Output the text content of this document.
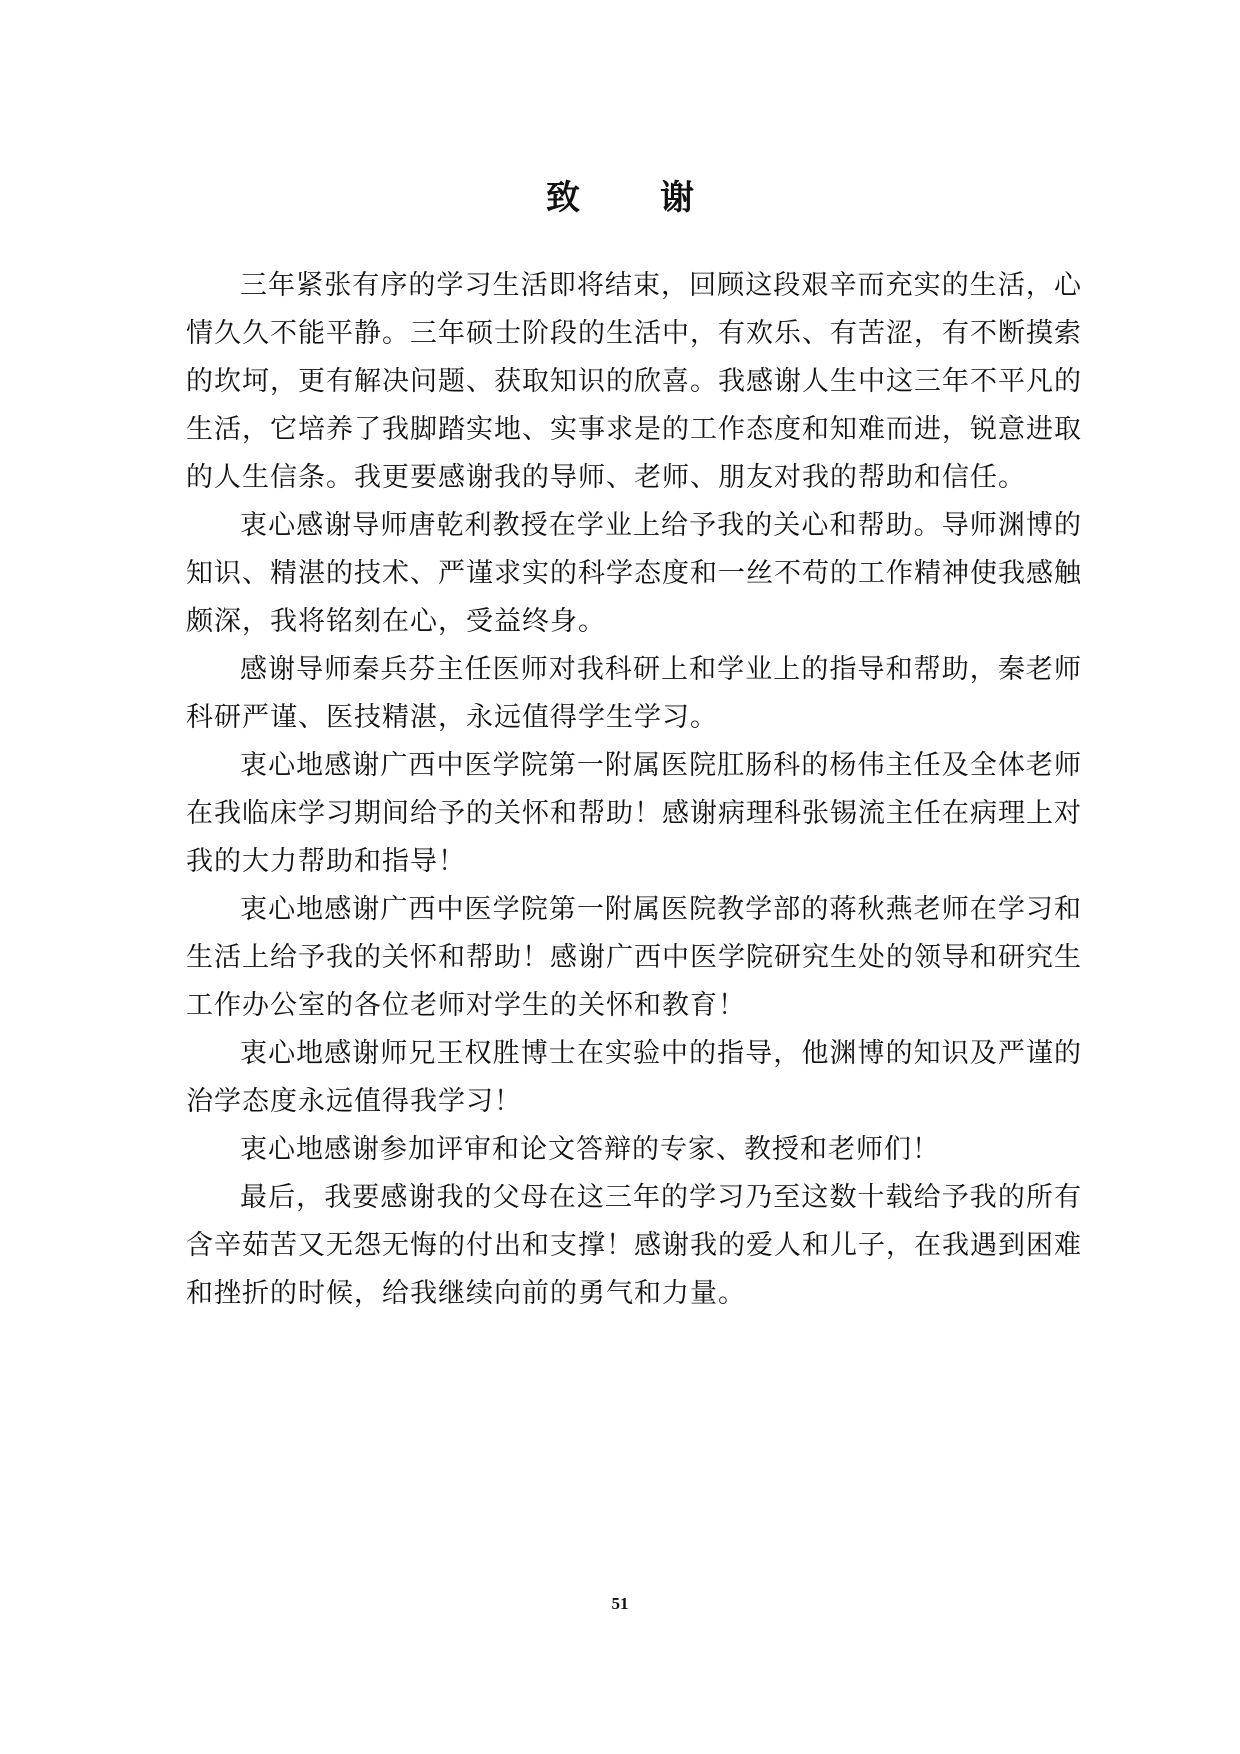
致谢

三年紧张有序的学习生活即将结束，回顾这段艰辛而充实的生活，心情久久不能平静。三年硕士阶段的生活中，有欢乐、有苦涩，有不断摸索的坎坷，更有解决问题、获取知识的欣喜。我感谢人生中这三年不平凡的生活，它培养了我脚踏实地、实事求是的工作态度和知难而进，锐意进取的人生信条。我更要感谢我的导师、老师、朋友对我的帮助和信任。

衷心感谢导师唐乾利教授在学业上给予我的关心和帮助。导师渊博的知识、精湛的技术、严谨求实的科学态度和一丝不苟的工作精神使我感触颇深，我将铭刻在心，受益终身。

感谢导师秦兵芬主任医师对我科研上和学业上的指导和帮助，秦老师科研严谨、医技精湛，永远值得学生学习。

衷心地感谢广西中医学院第一附属医院肛肠科的杨伟主任及全体老师在我临床学习期间给予的关怀和帮助！感谢病理科张锡流主任在病理上对我的大力帮助和指导！

衷心地感谢广西中医学院第一附属医院教学部的蒋秋燕老师在学习和生活上给予我的关怀和帮助！感谢广西中医学院研究生处的领导和研究生工作办公室的各位老师对学生的关怀和教育！

衷心地感谢师兄王权胜博士在实验中的指导，他渊博的知识及严谨的治学态度永远值得我学习！

衷心地感谢参加评审和论文答辩的专家、教授和老师们！

最后，我要感谢我的父母在这三年的学习乃至这数十载给予我的所有含辛茹苦又无怨无悔的付出和支撑！感谢我的爱人和儿子，在我遇到困难和挫折的时候，给我继续向前的勇气和力量。

51
